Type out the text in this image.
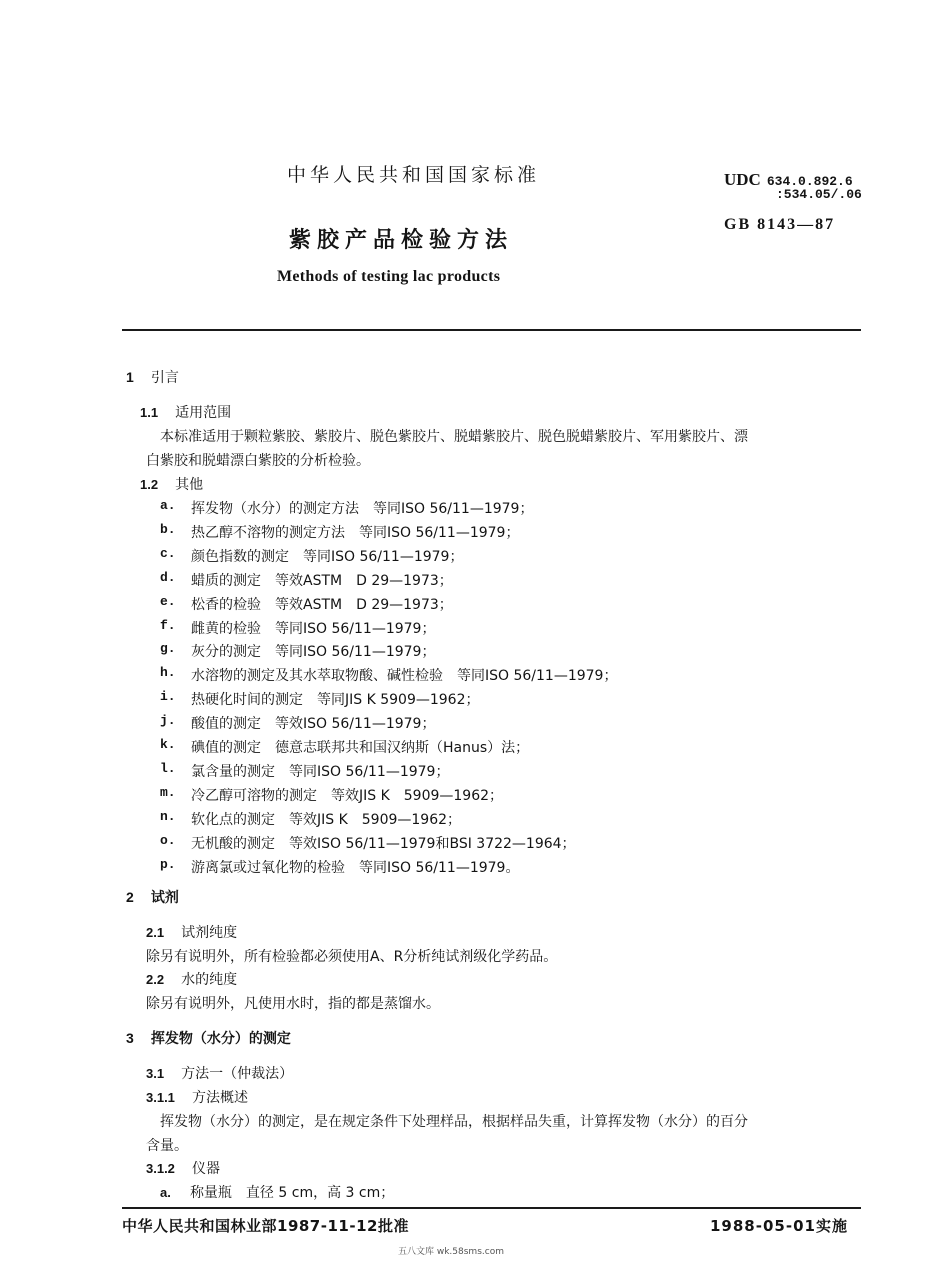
中华人民共和国国家标准
紫胶产品检验方法
Methods of testing lac products
UDC 634.0.892.6
:534.05/.06
GB 8143—87
1 引言
1.1 适用范围
本标准适用于颗粒紫胶、紫胶片、脱色紫胶片、脱蜡紫胶片、脱色脱蜡紫胶片、军用紫胶片、漂
白紫胶和脱蜡漂白紫胶的分析检验。
1.2 其他
a. 挥发物（水分）的测定方法　等同ISO 56/11—1979；
b. 热乙醇不溶物的测定方法　等同ISO 56/11—1979；
c. 颜色指数的测定　等同ISO 56/11—1979；
d. 蜡质的测定　等效ASTM　D 29—1973；
e. 松香的检验　等效ASTM　D 29—1973；
f. 雌黄的检验　等同ISO 56/11—1979；
g. 灰分的测定　等同ISO 56/11—1979；
h. 水溶物的测定及其水萃取物酸、碱性检验　等同ISO 56/11—1979；
i. 热硬化时间的测定　等同JIS K 5909—1962；
j. 酸值的测定　等效ISO 56/11—1979；
k. 碘值的测定　德意志联邦共和国汉纳斯（Hanus）法；
l. 氯含量的测定　等同ISO 56/11—1979；
m. 冷乙醇可溶物的测定　等效JIS K　5909—1962；
n. 软化点的测定　等效JIS K　5909—1962；
o. 无机酸的测定　等效ISO 56/11—1979和BSI 3722—1964；
p. 游离氯或过氧化物的检验　等同ISO 56/11—1979。
2 试剂
2.1 试剂纯度
除另有说明外，所有检验都必须使用A、R分析纯试剂级化学药品。
2.2 水的纯度
除另有说明外，凡使用水时，指的都是蒸馏水。
3 挥发物（水分）的测定
3.1 方法一（仲裁法）
3.1.1 方法概述
挥发物（水分）的测定，是在规定条件下处理样品，根据样品失重，计算挥发物（水分）的百分
含量。
3.1.2 仪器
a. 称量瓶　直径 5 cm，高 3 cm；
中华人民共和国林业部1987-11-12批准	1988-05-01实施
五八文库 wk.58sms.com
